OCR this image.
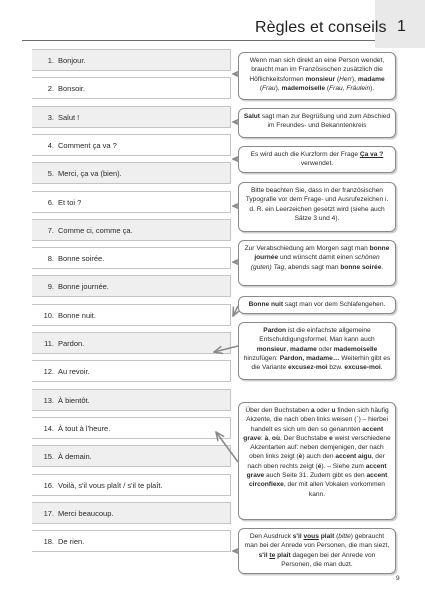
Règles et conseils 1
1. Bonjour.
2. Bonsoir.
3. Salut !
4. Comment ça va ?
5. Merci, ça va (bien).
6. Et toi ?
7. Comme ci, comme ça.
8. Bonne soirée.
9. Bonne journée.
10. Bonne nuit.
11. Pardon.
12. Au revoir.
13. À bientôt.
14. À tout à l'heure.
15. À demain.
16. Voilà, s'il vous plaît / s'il te plaît.
17. Merci beaucoup.
18. De rien.
Wenn man sich direkt an eine Person wendet, braucht man im Französischen zusätzlich die Höflichkeitsformen monsieur (Herr), madame (Frau), mademoiselle (Frau, Fräulein).
Salut sagt man zur Begrüßung und zum Abschied im Freundes- und Bekanntenkreis
Es wird auch die Kurzform der Frage Ça va ? verwendet.
Bitte beachten Sie, dass in der französischen Typografie vor dem Frage- und Ausrufezeichen i. d. R. ein Leerzeichen gesetzt wird (siehe auch Sätze 3 und 4).
Zur Verabschiedung am Morgen sagt man bonne journée und wünscht damit einen schönen (guten) Tag, abends sagt man bonne soirée.
Bonne nuit sagt man vor dem Schlafengehen.
Pardon ist die einfachste allgemeine Entschuldigungsformel. Man kann auch monsieur, madame oder mademoiselle hinzufügen: Pardon, madame… Weiterhin gibt es die Variante excusez-moi bzw. excuse-moi.
Über den Buchstaben a oder u finden sich häufig Akzente, die nach oben links weisen (`) – hierbei handelt es sich um den so genannten accent grave: à, où. Der Buchstabe e weist verschiedene Akzentarten auf: neben demjenigen, der nach oben links zeigt (è) auch den accent aigu, der nach oben rechts zeigt (é). – Siehe zum accent grave auch Seite 31. Zudem gibt es den accent circonflexe, der mit allen Vokalen vorkommen kann.
Den Ausdruck s'il vous plaît (bitte) gebraucht man bei der Anrede von Personen, die man siezt, s'il te plaît dagegen bei der Anrede von Personen, die man duzt.
9
